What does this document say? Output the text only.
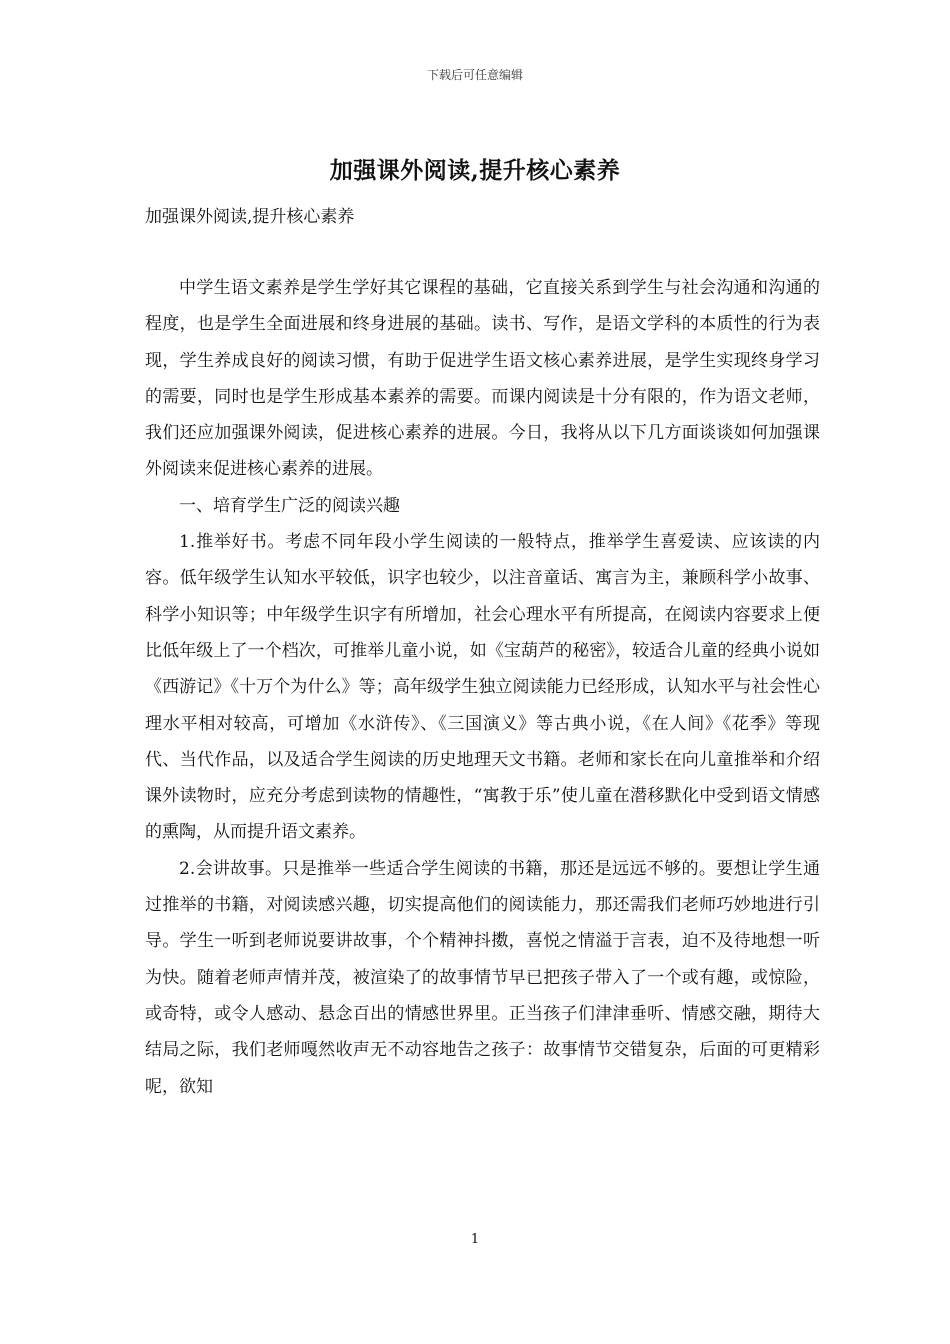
下载后可任意编辑
加强课外阅读,提升核心素养
加强课外阅读,提升核心素养

中学生语文素养是学生学好其它课程的基础，它直接关系到学生与社会沟通和沟通的程度，也是学生全面进展和终身进展的基础。读书、写作，是语文学科的本质性的行为表现，学生养成良好的阅读习惯，有助于促进学生语文核心素养进展，是学生实现终身学习的需要，同时也是学生形成基本素养的需要。而课内阅读是十分有限的，作为语文老师，我们还应加强课外阅读，促进核心素养的进展。今日，我将从以下几方面谈谈如何加强课外阅读来促进核心素养的进展。

一、培育学生广泛的阅读兴趣

1.推举好书。考虑不同年段小学生阅读的一般特点，推举学生喜爱读、应该读的内容。低年级学生认知水平较低，识字也较少，以注音童话、寓言为主，兼顾科学小故事、科学小知识等；中年级学生识字有所增加，社会心理水平有所提高，在阅读内容要求上便比低年级上了一个档次，可推举儿童小说，如《宝葫芦的秘密》，较适合儿童的经典小说如《西游记》《十万个为什么》等；高年级学生独立阅读能力已经形成，认知水平与社会性心理水平相对较高，可增加《水浒传》、《三国演义》等古典小说，《在人间》《花季》等现代、当代作品，以及适合学生阅读的历史地理天文书籍。老师和家长在向儿童推举和介绍课外读物时，应充分考虑到读物的情趣性，“寓教于乐”使儿童在潜移默化中受到语文情感的熏陶，从而提升语文素养。

2.会讲故事。只是推举一些适合学生阅读的书籍，那还是远远不够的。要想让学生通过推举的书籍，对阅读感兴趣，切实提高他们的阅读能力，那还需我们老师巧妙地进行引导。学生一听到老师说要讲故事，个个精神抖擞，喜悦之情溢于言表，迫不及待地想一听为快。随着老师声情并茂，被渲染了的故事情节早已把孩子带入了一个或有趣，或惊险，或奇特，或令人感动、悬念百出的情感世界里。正当孩子们津津垂听、情感交融，期待大结局之际，我们老师嘎然收声无不动容地告之孩子：故事情节交错复杂，后面的可更精彩呢，欲知

1
